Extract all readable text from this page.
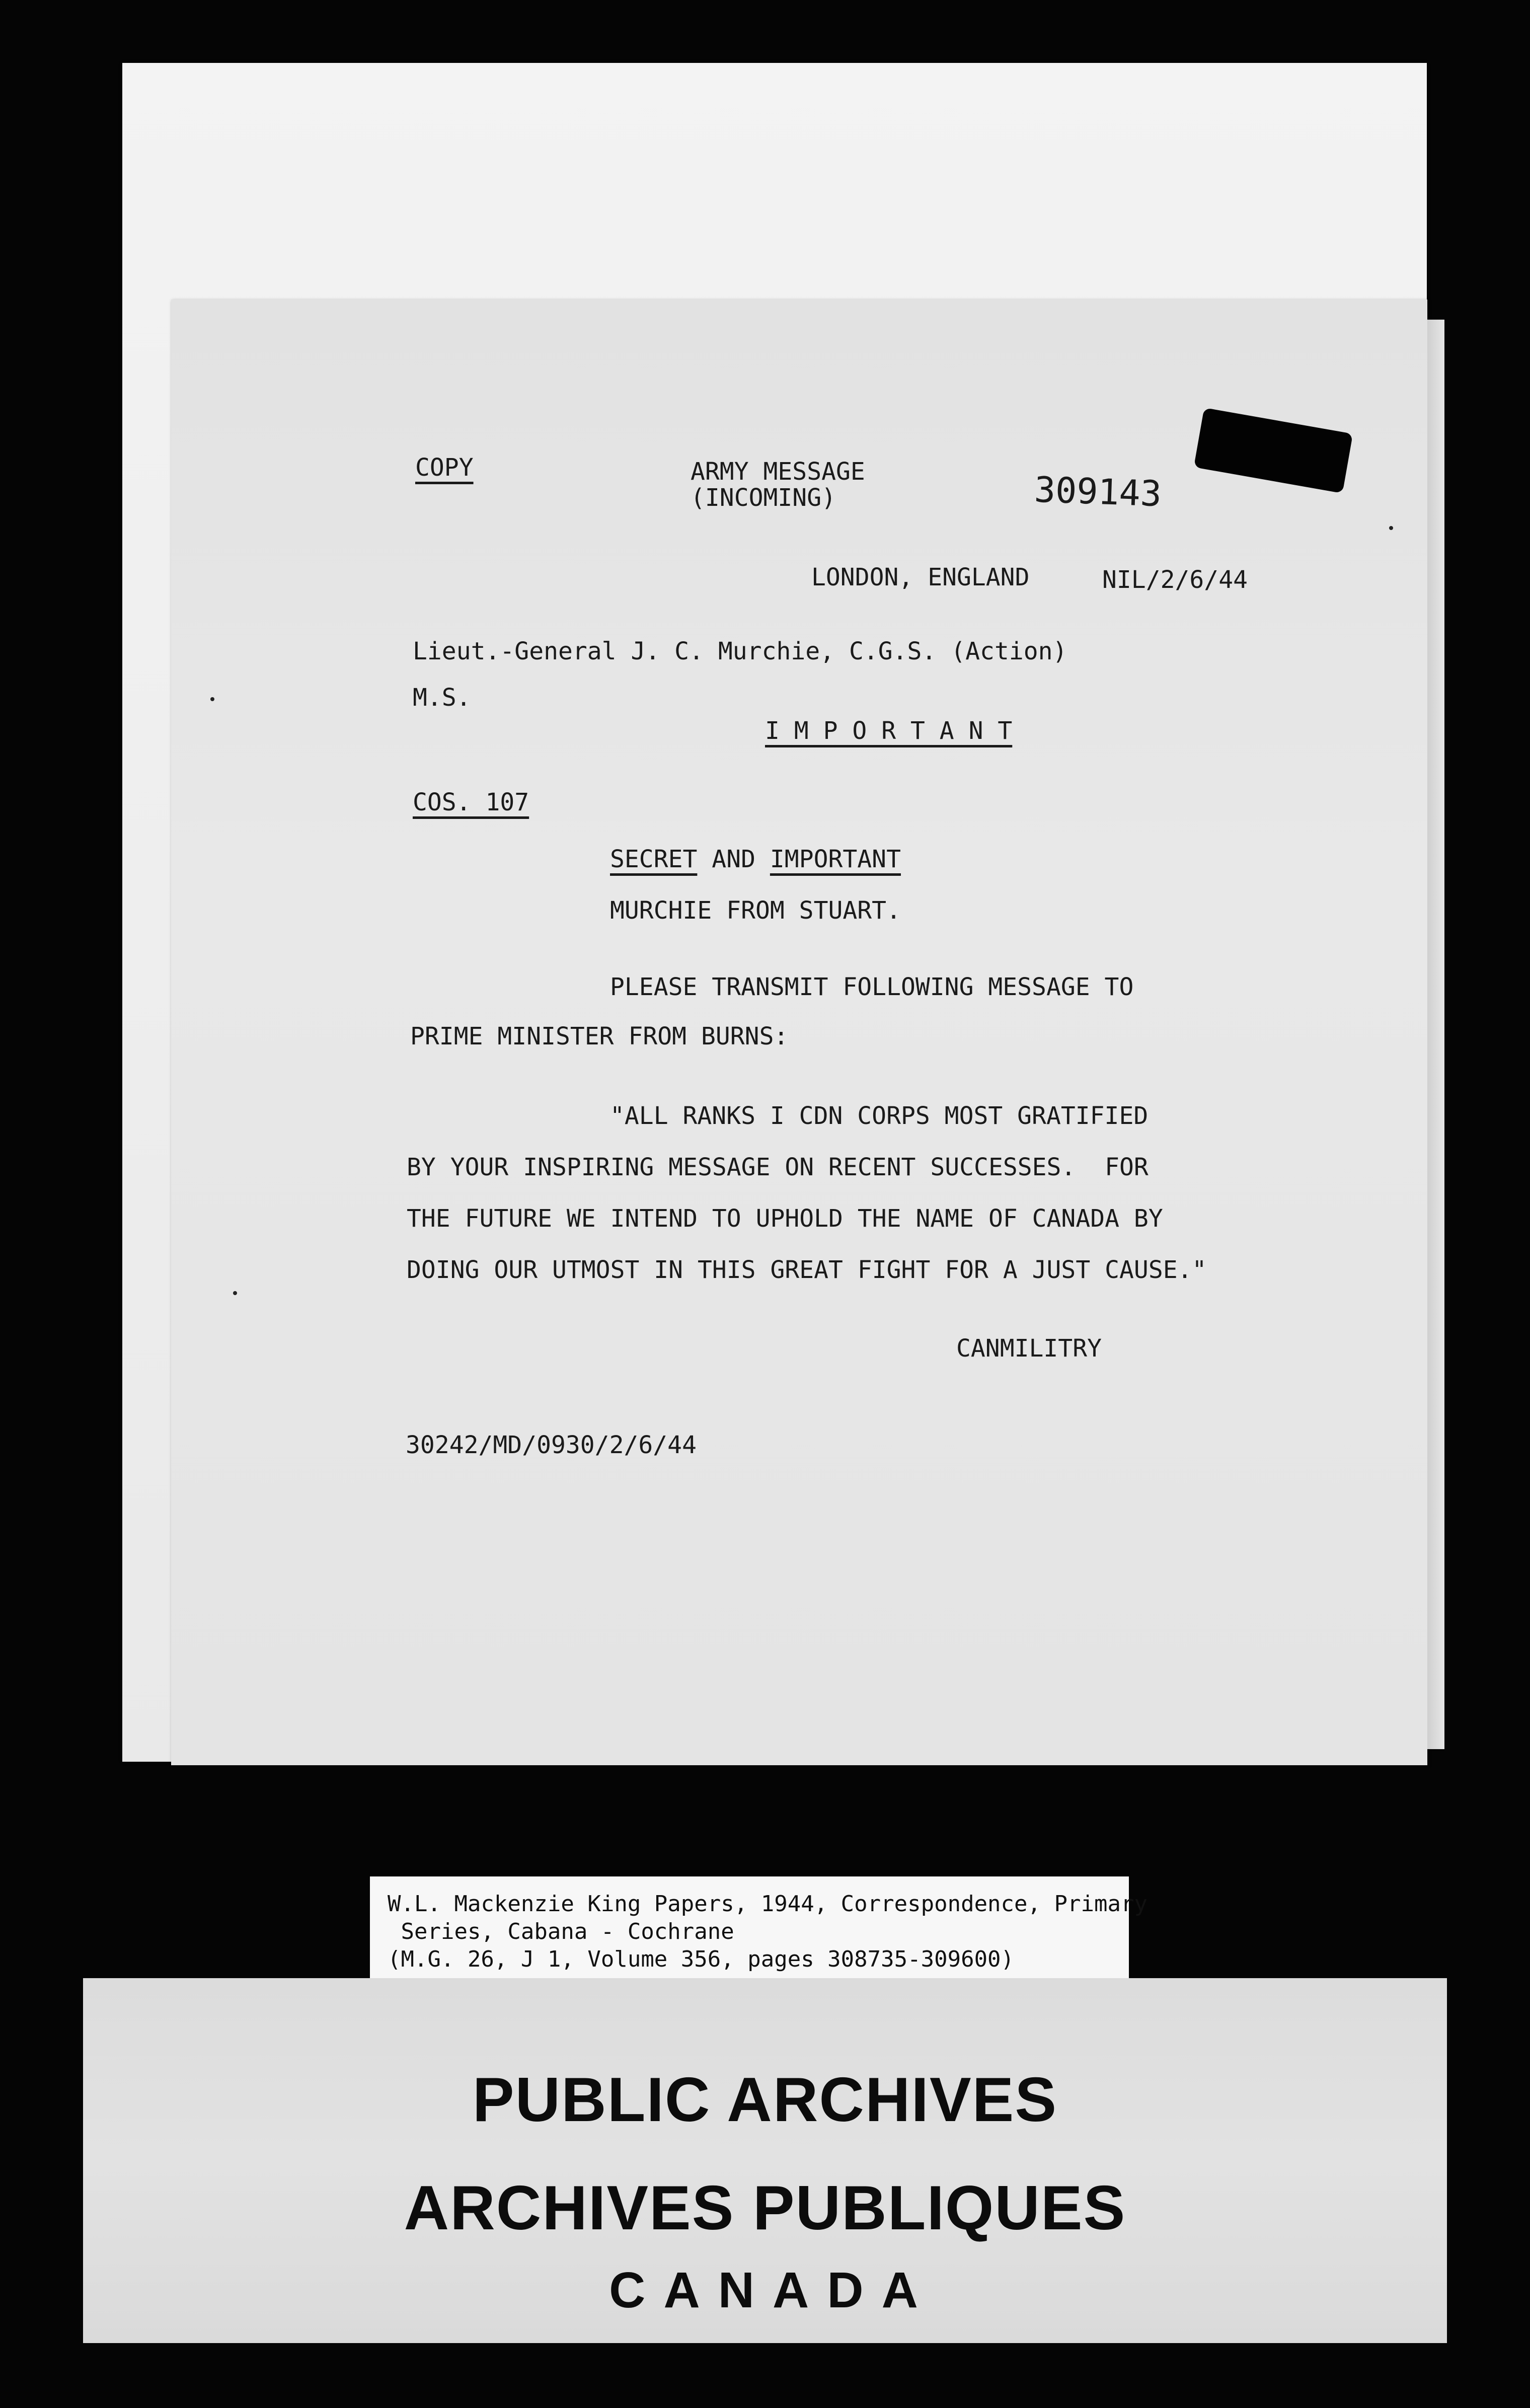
COPY	ARMY MESSAGE
(INCOMING)	309143
LONDON, ENGLAND	NIL/2/6/44
Lieut.-General J. C. Murchie, C.G.S. (Action)
M.S.
I M P O R T A N T
COS. 107
SECRET AND IMPORTANT
MURCHIE FROM STUART.
PLEASE TRANSMIT FOLLOWING MESSAGE TO
PRIME MINISTER FROM BURNS:
"ALL RANKS I CDN CORPS MOST GRATIFIED
BY YOUR INSPIRING MESSAGE ON RECENT SUCCESSES.  FOR
THE FUTURE WE INTEND TO UPHOLD THE NAME OF CANADA BY
DOING OUR UTMOST IN THIS GREAT FIGHT FOR A JUST CAUSE."
CANMILITRY
30242/MD/0930/2/6/44
W.L. Mackenzie King Papers, 1944, Correspondence, Primary
Series, Cabana - Cochrane
(M.G. 26, J 1, Volume 356, pages 308735-309600)
PUBLIC ARCHIVES
ARCHIVES PUBLIQUES
C A N A D A
